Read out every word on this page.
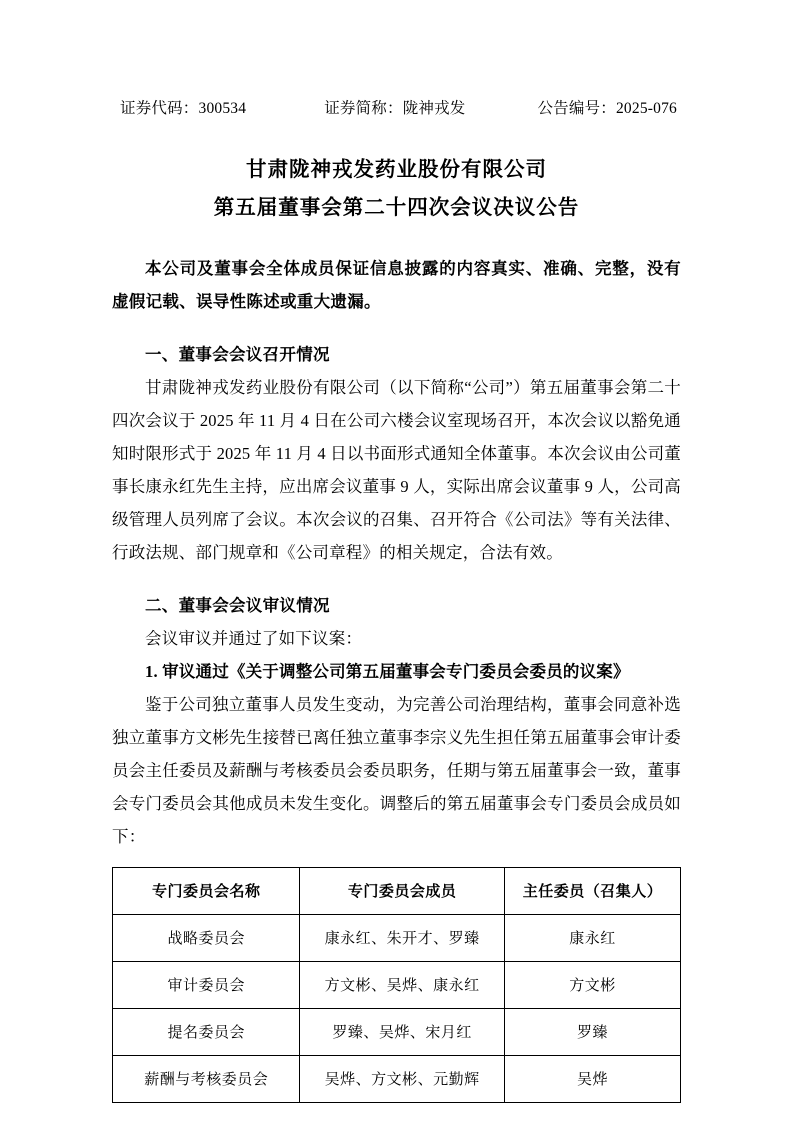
证券代码：300534	证券简称：陇神戎发	公告编号：2025-076
甘肃陇神戎发药业股份有限公司
第五届董事会第二十四次会议决议公告
本公司及董事会全体成员保证信息披露的内容真实、准确、完整，没有虚假记载、误导性陈述或重大遗漏。
一、董事会会议召开情况
甘肃陇神戎发药业股份有限公司（以下简称“公司”）第五届董事会第二十四次会议于 2025 年 11 月 4 日在公司六楼会议室现场召开，本次会议以豁免通知时限形式于 2025 年 11 月 4 日以书面形式通知全体董事。本次会议由公司董事长康永红先生主持，应出席会议董事 9 人，实际出席会议董事 9 人，公司高级管理人员列席了会议。本次会议的召集、召开符合《公司法》等有关法律、行政法规、部门规章和《公司章程》的相关规定，合法有效。
二、董事会会议审议情况
会议审议并通过了如下议案：
1. 审议通过《关于调整公司第五届董事会专门委员会委员的议案》
鉴于公司独立董事人员发生变动，为完善公司治理结构，董事会同意补选独立董事方文彬先生接替已离任独立董事李宗义先生担任第五届董事会审计委员会主任委员及薪酬与考核委员会委员职务，任期与第五届董事会一致，董事会专门委员会其他成员未发生变化。调整后的第五届董事会专门委员会成员如下：
专门委员会名称	专门委员会成员	主任委员（召集人）
战略委员会	康永红、朱开才、罗臻	康永红
审计委员会	方文彬、吴烨、康永红	方文彬
提名委员会	罗臻、吴烨、宋月红	罗臻
薪酬与考核委员会	吴烨、方文彬、元勤辉	吴烨
